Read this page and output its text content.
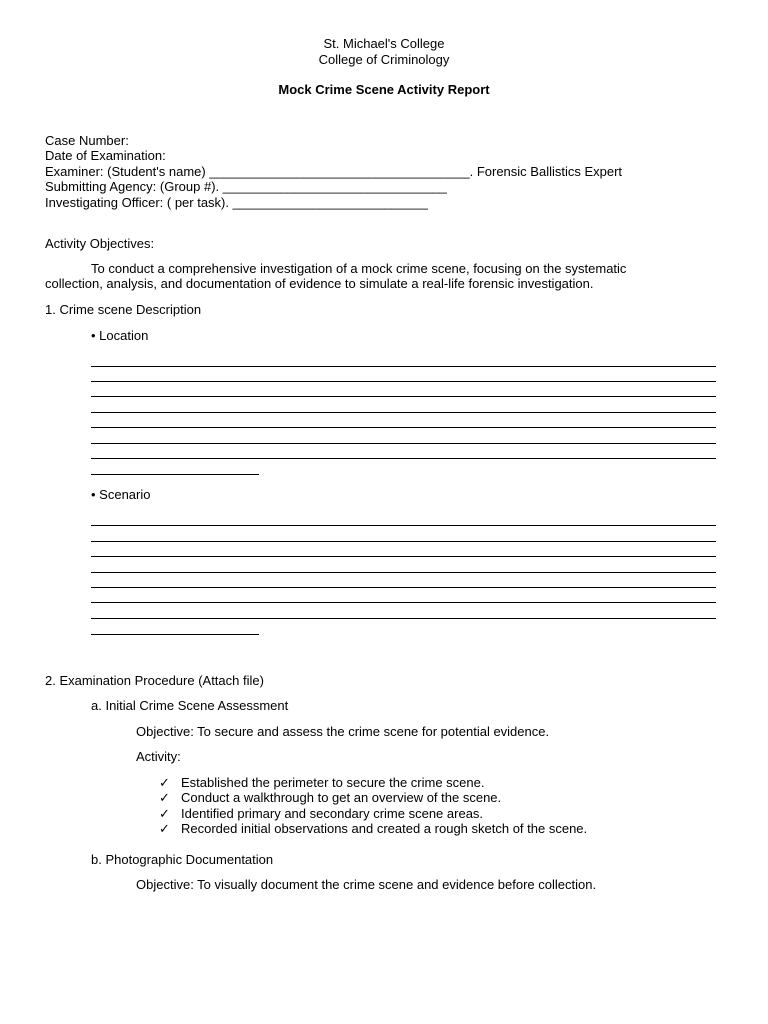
St. Michael's College
College of Criminology
Mock Crime Scene Activity Report
Case Number:
Date of Examination:
Examiner: (Student's name) ____________________________________. Forensic Ballistics Expert
Submitting Agency: (Group #). _______________________________
Investigating Officer: ( per task). ___________________________
Activity Objectives:
To conduct a comprehensive investigation of a mock crime scene, focusing on the systematic
collection, analysis, and documentation of evidence to simulate a real-life forensic investigation.
1. Crime scene Description
• Location
• Scenario
2. Examination Procedure (Attach file)
a. Initial Crime Scene Assessment
Objective: To secure and assess the crime scene for potential evidence.
Activity:
✓ Established the perimeter to secure the crime scene.
✓ Conduct a walkthrough to get an overview of the scene.
✓ Identified primary and secondary crime scene areas.
✓ Recorded initial observations and created a rough sketch of the scene.
b. Photographic Documentation
Objective: To visually document the crime scene and evidence before collection.
